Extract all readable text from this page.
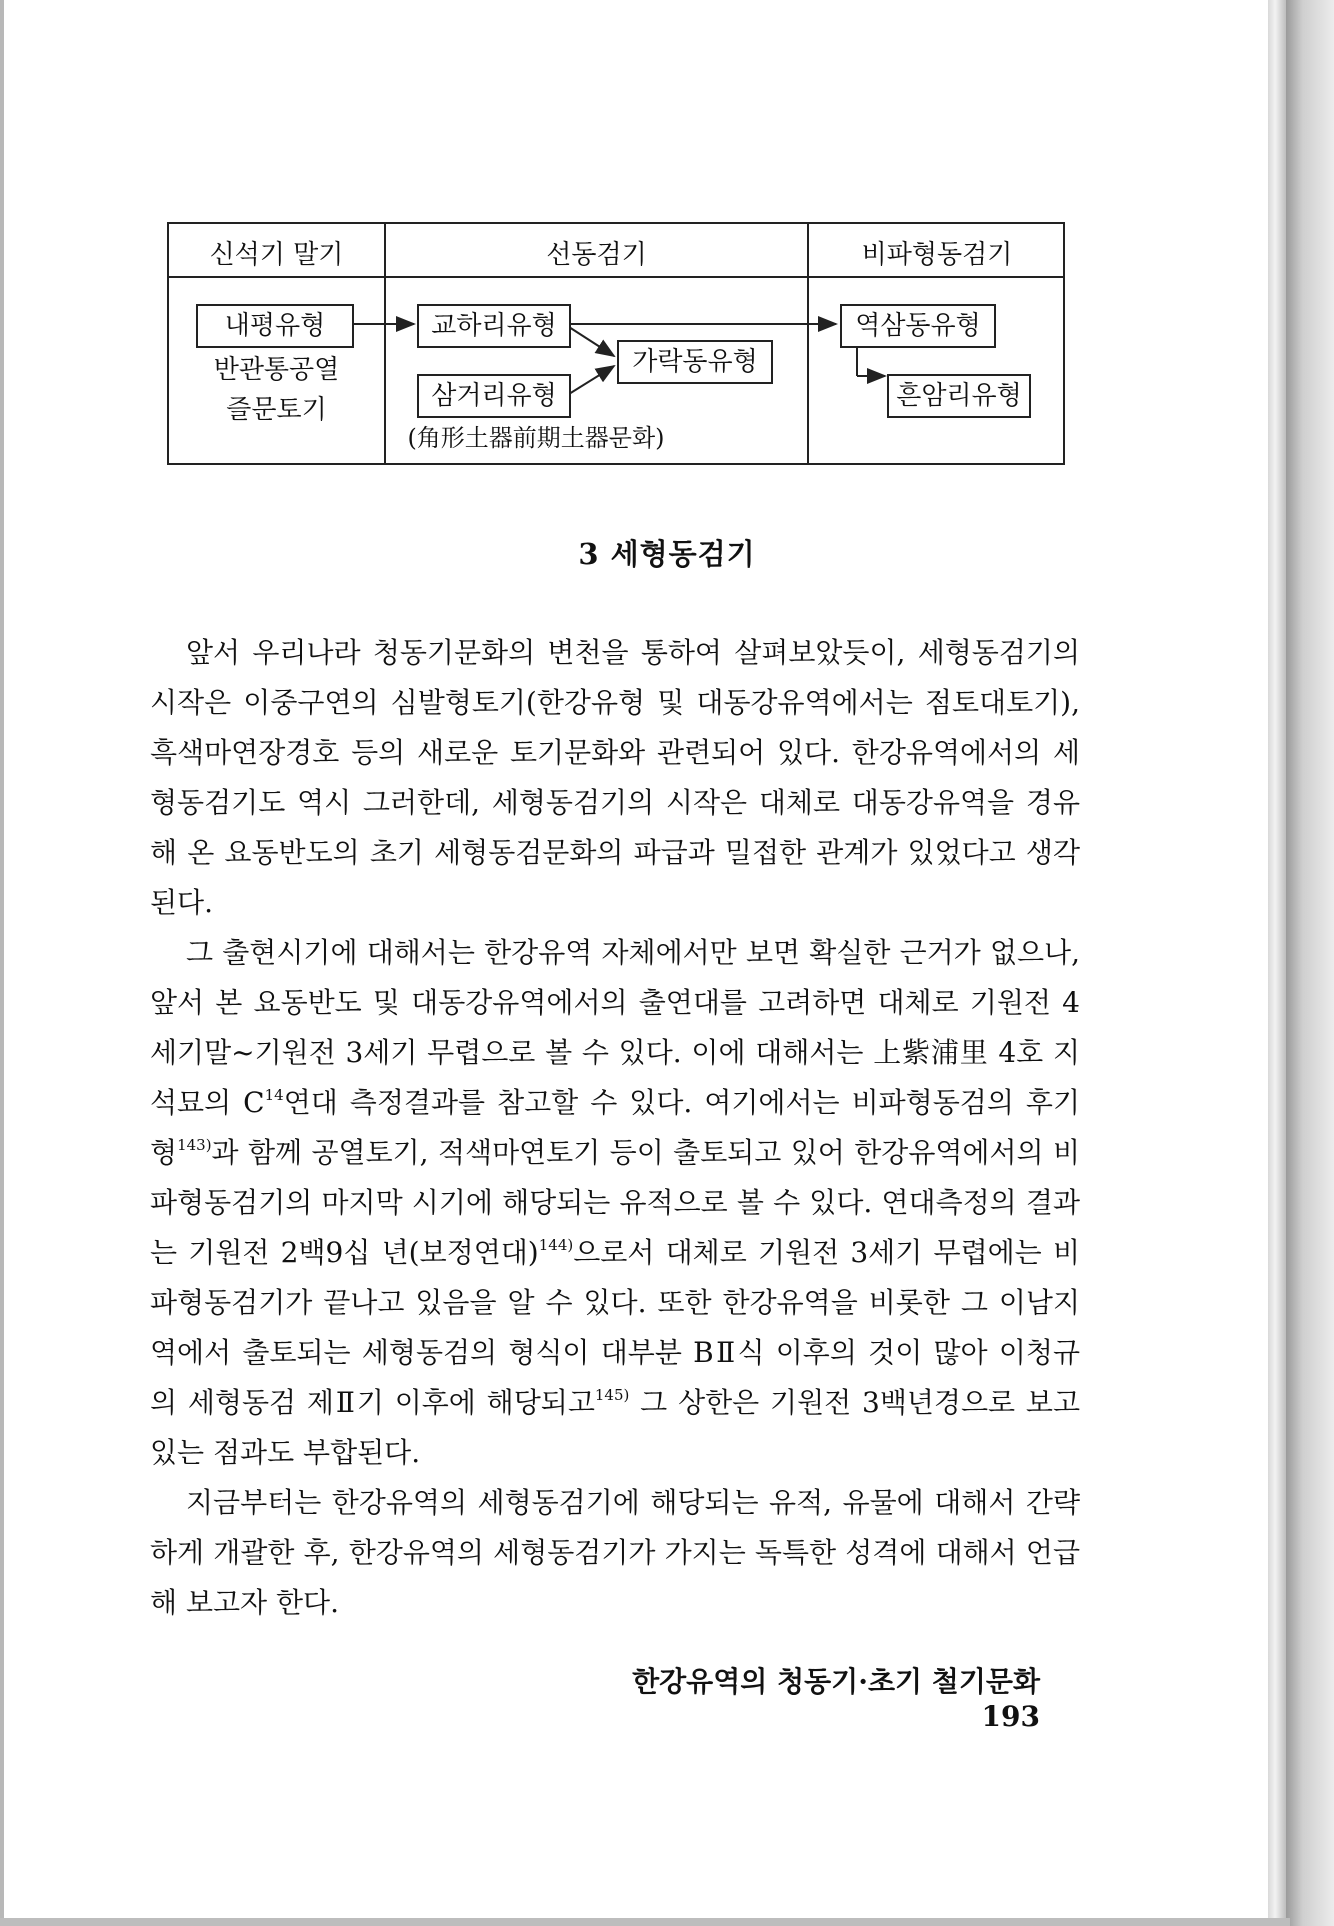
신석기 말기	선동검기	비파형동검기
내평유형
반관통공열
즐문토기
교하리유형
삼거리유형
가락동유형
(角形土器前期土器문화)
역삼동유형
흔암리유형
3 세형동검기

앞서 우리나라 청동기문화의 변천을 통하여 살펴보았듯이, 세형동검기의 시작은 이중구연의 심발형토기(한강유형 및 대동강유역에서는 점토대토기), 흑색마연장경호 등의 새로운 토기문화와 관련되어 있다. 한강유역에서의 세형동검기도 역시 그러한데, 세형동검기의 시작은 대체로 대동강유역을 경유해 온 요동반도의 초기 세형동검문화의 파급과 밀접한 관계가 있었다고 생각된다.

그 출현시기에 대해서는 한강유역 자체에서만 보면 확실한 근거가 없으나, 앞서 본 요동반도 및 대동강유역에서의 출연대를 고려하면 대체로 기원전 4세기말~기원전 3세기 무렵으로 볼 수 있다. 이에 대해서는 上紫浦里 4호 지석묘의 $C^{14}$연대 측정결과를 참고할 수 있다. 여기에서는 비파형동검의 후기형$^{143)}$과 함께 공열토기, 적색마연토기 등이 출토되고 있어 한강유역에서의 비파형동검기의 마지막 시기에 해당되는 유적으로 볼 수 있다. 연대측정의 결과는 기원전 2백9십 년(보정연대)$^{144)}$으로서 대체로 기원전 3세기 무렵에는 비파형동검기가 끝나고 있음을 알 수 있다. 또한 한강유역을 비롯한 그 이남지역에서 출토되는 세형동검의 형식이 대부분 BⅡ식 이후의 것이 많아 이청규의 세형동검 제Ⅱ기 이후에 해당되고$^{145)}$ 그 상한은 기원전 3백년경으로 보고 있는 점과도 부합된다.

지금부터는 한강유역의 세형동검기에 해당되는 유적, 유물에 대해서 간략하게 개괄한 후, 한강유역의 세형동검기가 가지는 독특한 성격에 대해서 언급해 보고자 한다.

한강유역의 청동기·초기 철기문화193
